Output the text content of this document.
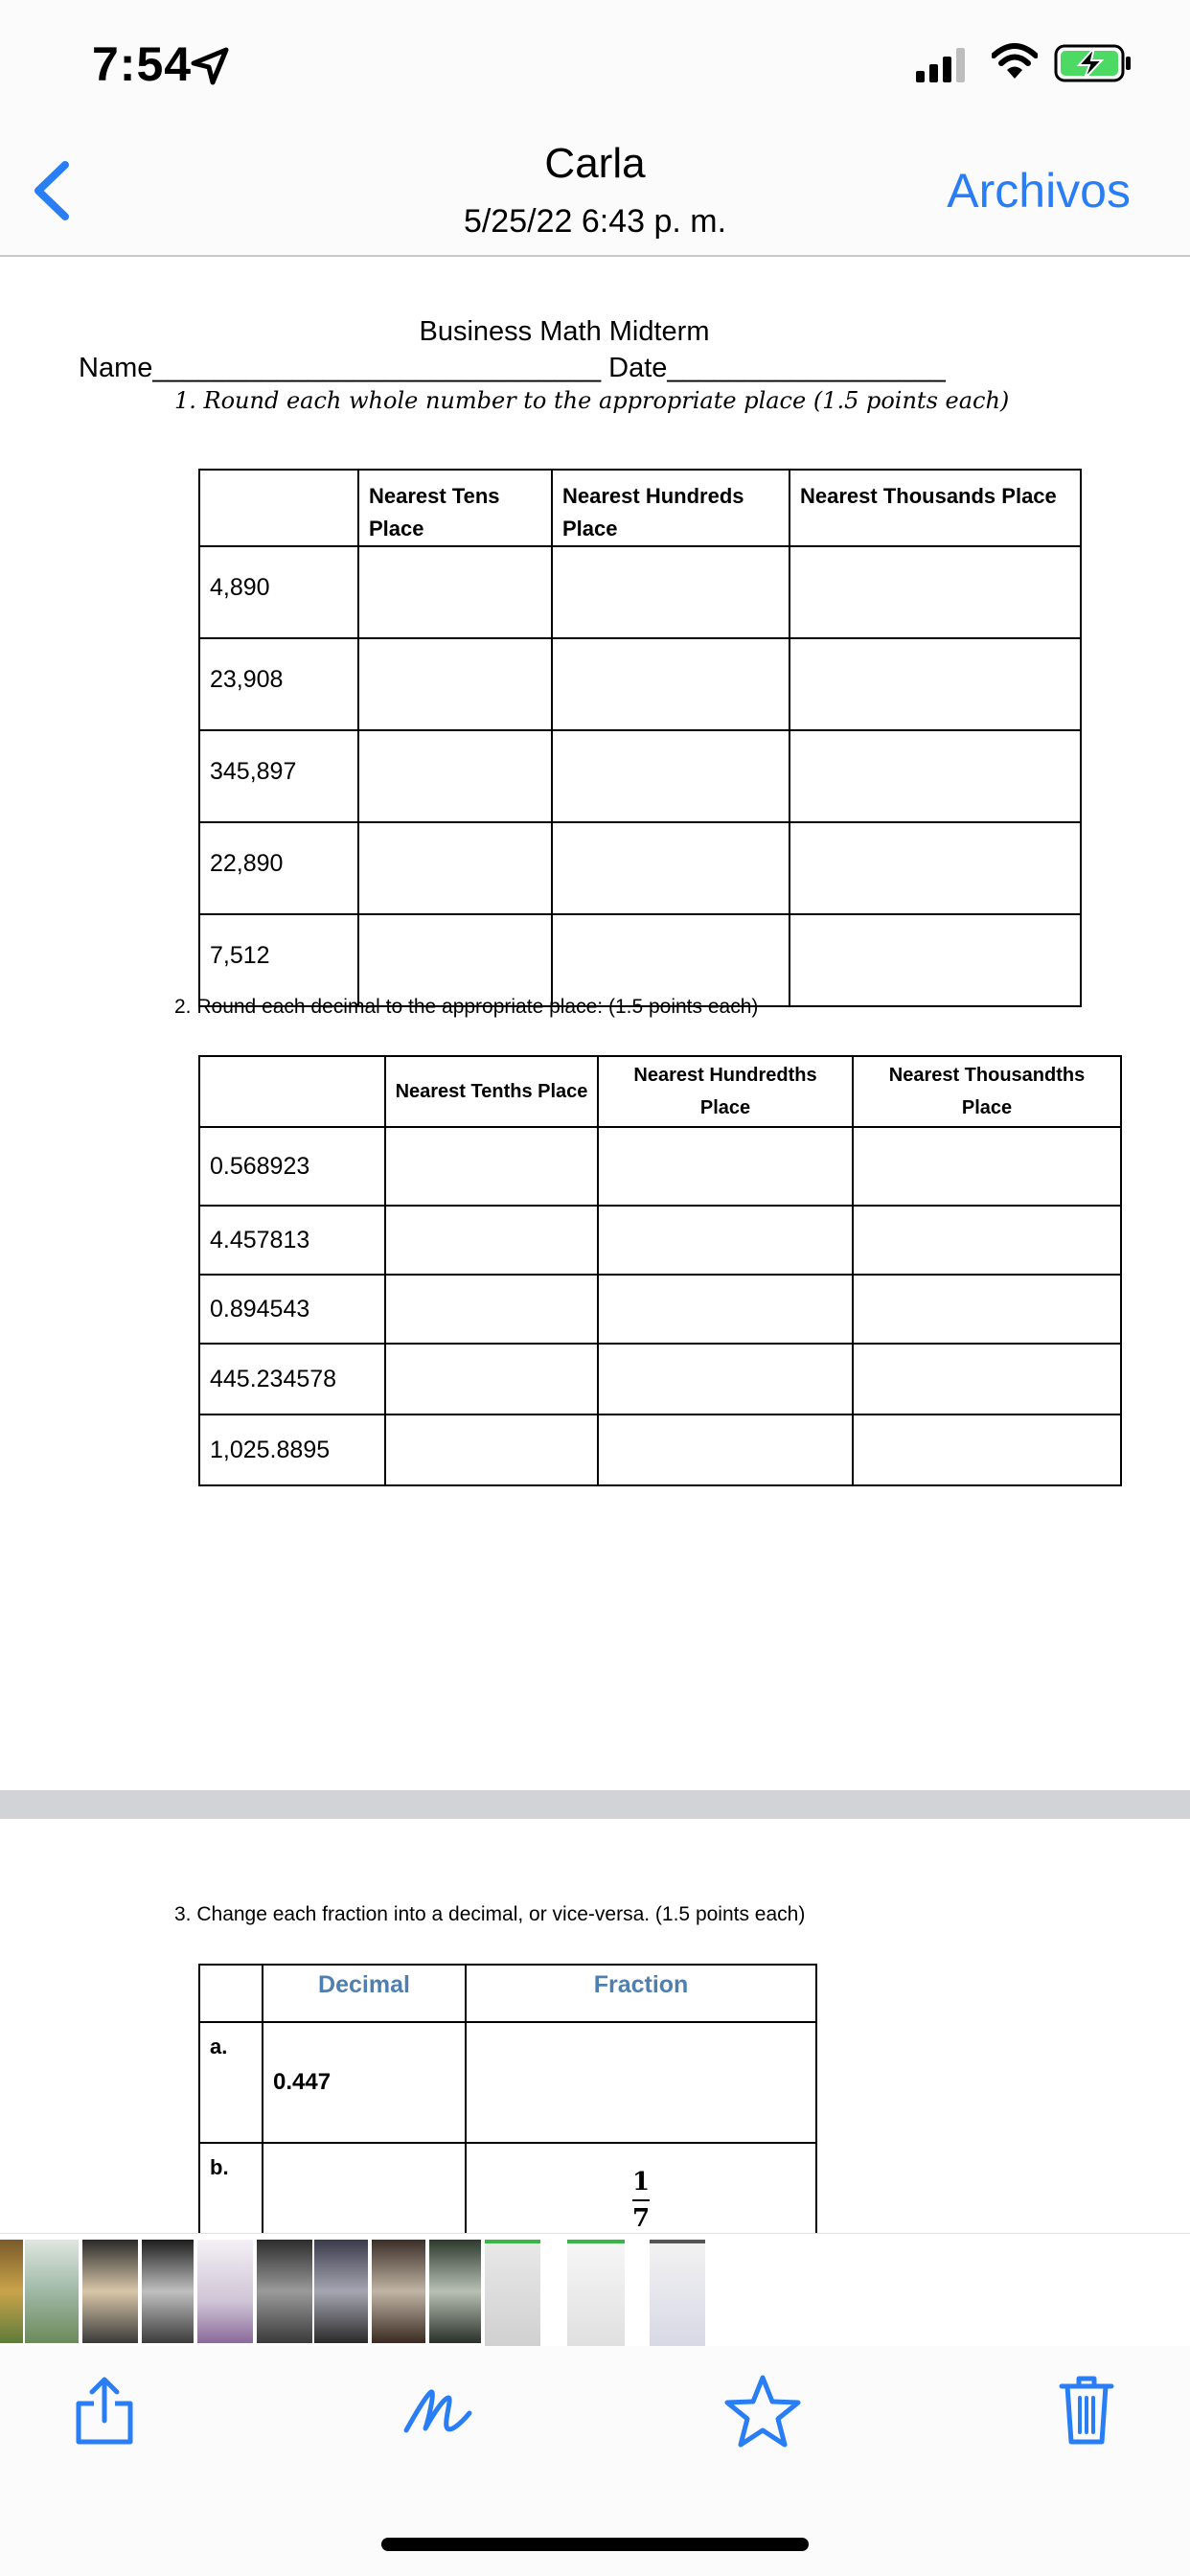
7:54
Carla
5/25/22 6:43 p. m.
Archivos
Business Math Midterm
Name_____________________________ Date__________________
1. Round each whole number to the appropriate place (1.5 points each)
	Nearest Tens
Place	Nearest Hundreds
Place	Nearest Thousands Place
4,890			
23,908			
345,897			
22,890			
7,512			
2. Round each decimal to the appropriate place: (1.5 points each)
	Nearest Tenths Place	Nearest Hundredths Place	Nearest Thousandths Place
0.568923			
4.457813			
0.894543			
445.234578			
1,025.8895			
3. Change each fraction into a decimal, or vice-versa. (1.5 points each)
	Decimal	Fraction
a.	0.447	
b.		1
7
